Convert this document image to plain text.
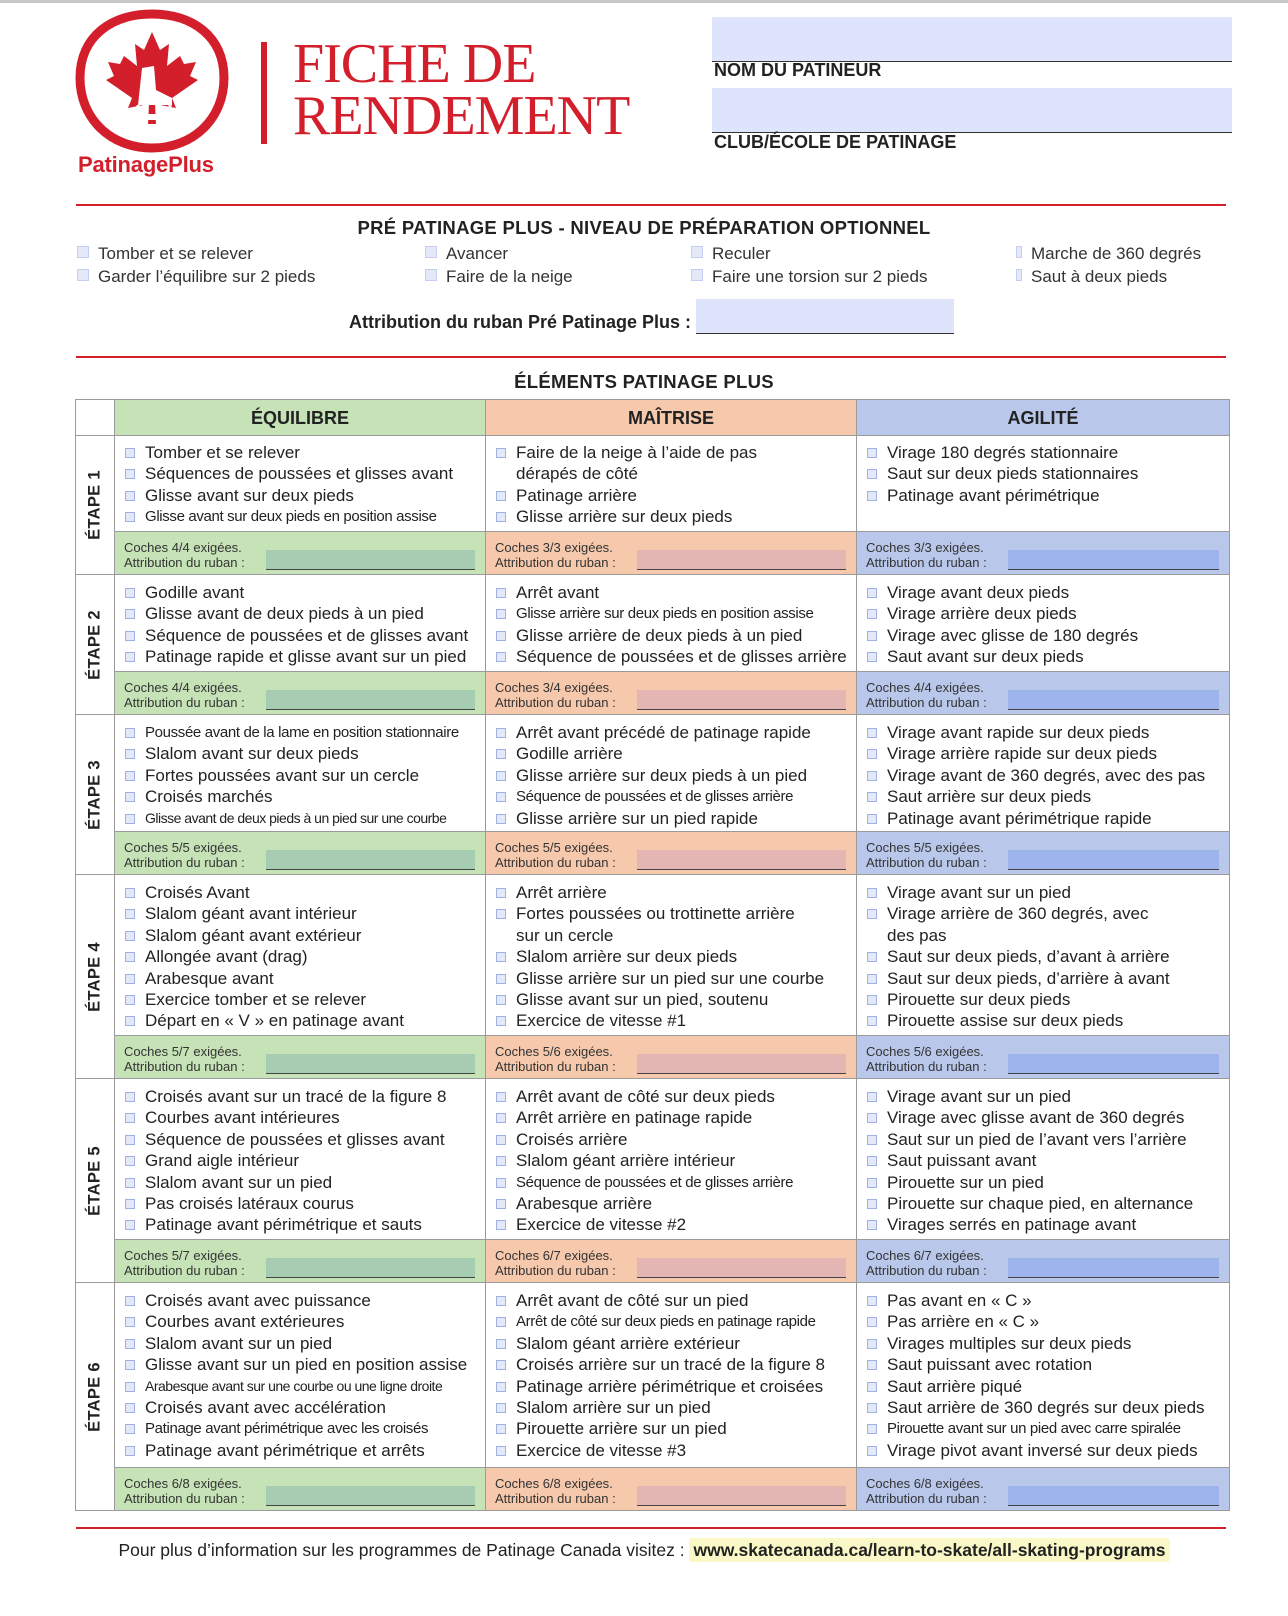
PatinagePlus
FICHE DE
RENDEMENT
NOM DU PATINEUR
CLUB/ÉCOLE DE PATINAGE
PRÉ PATINAGE PLUS - NIVEAU DE PRÉPARATION OPTIONNEL
Tomber et se relever
Garder l’équilibre sur 2 pieds
Avancer
Faire de la neige
Reculer
Faire une torsion sur 2 pieds
Marche de 360 degrés
Saut à deux pieds
Attribution du ruban Pré Patinage Plus :
ÉLÉMENTS PATINAGE PLUS
ÉQUILIBRE	MAÎTRISE	AGILITÉ
ÉTAPE 1
Tomber et se relever
Séquences de poussées et glisses avant
Glisse avant sur deux pieds
Glisse avant sur deux pieds en position assise
Coches 4/4 exigées.
Attribution du ruban :
Faire de la neige à l’aide de pas
dérapés de côté
Patinage arrière
Glisse arrière sur deux pieds
Coches 3/3 exigées.
Attribution du ruban :
Virage 180 degrés stationnaire
Saut sur deux pieds stationnaires
Patinage avant périmétrique
Coches 3/3 exigées.
Attribution du ruban :
ÉTAPE 2
Godille avant
Glisse avant de deux pieds à un pied
Séquence de poussées et de glisses avant
Patinage rapide et glisse avant sur un pied
Coches 4/4 exigées.
Attribution du ruban :
Arrêt avant
Glisse arrière sur deux pieds en position assise
Glisse arrière de deux pieds à un pied
Séquence de poussées et de glisses arrière
Coches 3/4 exigées.
Attribution du ruban :
Virage avant deux pieds
Virage arrière deux pieds
Virage avec glisse de 180 degrés
Saut avant sur deux pieds
Coches 4/4 exigées.
Attribution du ruban :
ÉTAPE 3
Poussée avant de la lame en position stationnaire
Slalom avant sur deux pieds
Fortes poussées avant sur un cercle
Croisés marchés
Glisse avant de deux pieds à un pied sur une courbe
Coches 5/5 exigées.
Attribution du ruban :
Arrêt avant précédé de patinage rapide
Godille arrière
Glisse arrière sur deux pieds à un pied
Séquence de poussées et de glisses arrière
Glisse arrière sur un pied rapide
Coches 5/5 exigées.
Attribution du ruban :
Virage avant rapide sur deux pieds
Virage arrière rapide sur deux pieds
Virage avant de 360 degrés, avec des pas
Saut arrière sur deux pieds
Patinage avant périmétrique rapide
Coches 5/5 exigées.
Attribution du ruban :
ÉTAPE 4
Croisés Avant
Slalom géant avant intérieur
Slalom géant avant extérieur
Allongée avant (drag)
Arabesque avant
Exercice tomber et se relever
Départ en « V » en patinage avant
Coches 5/7 exigées.
Attribution du ruban :
Arrêt arrière
Fortes poussées ou trottinette arrière
sur un cercle
Slalom arrière sur deux pieds
Glisse arrière sur un pied sur une courbe
Glisse avant sur un pied, soutenu
Exercice de vitesse #1
Coches 5/6 exigées.
Attribution du ruban :
Virage avant sur un pied
Virage arrière de 360 degrés, avec
des pas
Saut sur deux pieds, d’avant à arrière
Saut sur deux pieds, d’arrière à avant
Pirouette sur deux pieds
Pirouette assise sur deux pieds
Coches 5/6 exigées.
Attribution du ruban :
ÉTAPE 5
Croisés avant sur un tracé de la figure 8
Courbes avant intérieures
Séquence de poussées et glisses avant
Grand aigle intérieur
Slalom avant sur un pied
Pas croisés latéraux courus
Patinage avant périmétrique et sauts
Coches 5/7 exigées.
Attribution du ruban :
Arrêt avant de côté sur deux pieds
Arrêt arrière en patinage rapide
Croisés arrière
Slalom géant arrière intérieur
Séquence de poussées et de glisses arrière
Arabesque arrière
Exercice de vitesse #2
Coches 6/7 exigées.
Attribution du ruban :
Virage avant sur un pied
Virage avec glisse avant de 360 degrés
Saut sur un pied de l’avant vers l’arrière
Saut puissant avant
Pirouette sur un pied
Pirouette sur chaque pied, en alternance
Virages serrés en patinage avant
Coches 6/7 exigées.
Attribution du ruban :
ÉTAPE 6
Croisés avant avec puissance
Courbes avant extérieures
Slalom avant sur un pied
Glisse avant sur un pied en position assise
Arabesque avant sur une courbe ou une ligne droite
Croisés avant avec accélération
Patinage avant périmétrique avec les croisés
Patinage avant périmétrique et arrêts
Coches 6/8 exigées.
Attribution du ruban :
Arrêt avant de côté sur un pied
Arrêt de côté sur deux pieds en patinage rapide
Slalom géant arrière extérieur
Croisés arrière sur un tracé de la figure 8
Patinage arrière périmétrique et croisées
Slalom arrière sur un pied
Pirouette arrière sur un pied
Exercice de vitesse #3
Coches 6/8 exigées.
Attribution du ruban :
Pas avant en « C »
Pas arrière en « C »
Virages multiples sur deux pieds
Saut puissant avec rotation
Saut arrière piqué
Saut arrière de 360 degrés sur deux pieds
Pirouette avant sur un pied avec carre spiralée
Virage pivot avant inversé sur deux pieds
Coches 6/8 exigées.
Attribution du ruban :
Pour plus d’information sur les programmes de Patinage Canada visitez : www.skatecanada.ca/learn-to-skate/all-skating-programs
